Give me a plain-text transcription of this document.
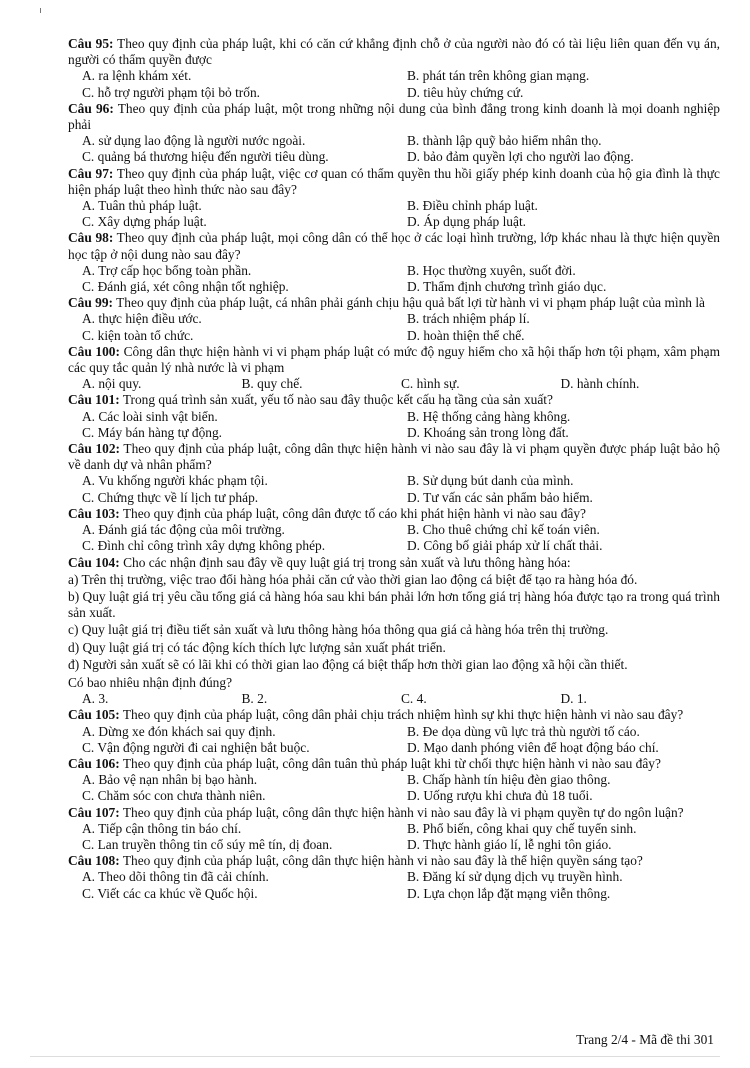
Câu 95: Theo quy định của pháp luật, khi có căn cứ khẳng định chỗ ở của người nào đó có tài liệu liên quan đến vụ án, người có thẩm quyền được

A. ra lệnh khám xét.	B. phát tán trên không gian mạng.
C. hỗ trợ người phạm tội bỏ trốn.	D. tiêu hủy chứng cứ.

Câu 96: Theo quy định của pháp luật, một trong những nội dung của bình đẳng trong kinh doanh là mọi doanh nghiệp phải

A. sử dụng lao động là người nước ngoài.	B. thành lập quỹ bảo hiểm nhân thọ.
C. quảng bá thương hiệu đến người tiêu dùng.	D. bảo đảm quyền lợi cho người lao động.

Câu 97: Theo quy định của pháp luật, việc cơ quan có thẩm quyền thu hồi giấy phép kinh doanh của hộ gia đình là thực hiện pháp luật theo hình thức nào sau đây?

A. Tuân thủ pháp luật.	B. Điều chỉnh pháp luật.
C. Xây dựng pháp luật.	D. Áp dụng pháp luật.

Câu 98: Theo quy định của pháp luật, mọi công dân có thể học ở các loại hình trường, lớp khác nhau là thực hiện quyền học tập ở nội dung nào sau đây?

A. Trợ cấp học bổng toàn phần.	B. Học thường xuyên, suốt đời.
C. Đánh giá, xét công nhận tốt nghiệp.	D. Thẩm định chương trình giáo dục.

Câu 99: Theo quy định của pháp luật, cá nhân phải gánh chịu hậu quả bất lợi từ hành vi vi phạm pháp luật của mình là

A. thực hiện điều ước.	B. trách nhiệm pháp lí.
C. kiện toàn tổ chức.	D. hoàn thiện thể chế.

Câu 100: Công dân thực hiện hành vi vi phạm pháp luật có mức độ nguy hiểm cho xã hội thấp hơn tội phạm, xâm phạm các quy tắc quản lý nhà nước là vi phạm

A. nội quy.	B. quy chế.	C. hình sự.	D. hành chính.

Câu 101: Trong quá trình sản xuất, yếu tố nào sau đây thuộc kết cấu hạ tầng của sản xuất?

A. Các loài sinh vật biển.	B. Hệ thống cảng hàng không.
C. Máy bán hàng tự động.	D. Khoáng sản trong lòng đất.

Câu 102: Theo quy định của pháp luật, công dân thực hiện hành vi nào sau đây là vi phạm quyền được pháp luật bảo hộ về danh dự và nhân phẩm?

A. Vu khống người khác phạm tội.	B. Sử dụng bút danh của mình.
C. Chứng thực về lí lịch tư pháp.	D. Tư vấn các sản phẩm bảo hiểm.

Câu 103: Theo quy định của pháp luật, công dân được tố cáo khi phát hiện hành vi nào sau đây?

A. Đánh giá tác động của môi trường.	B. Cho thuê chứng chỉ kế toán viên.
C. Đình chỉ công trình xây dựng không phép.	D. Công bố giải pháp xử lí chất thải.

Câu 104: Cho các nhận định sau đây về quy luật giá trị trong sản xuất và lưu thông hàng hóa:

a) Trên thị trường, việc trao đổi hàng hóa phải căn cứ vào thời gian lao động cá biệt để tạo ra hàng hóa đó.

b) Quy luật giá trị yêu cầu tổng giá cả hàng hóa sau khi bán phải lớn hơn tổng giá trị hàng hóa được tạo ra trong quá trình sản xuất.

c) Quy luật giá trị điều tiết sản xuất và lưu thông hàng hóa thông qua giá cả hàng hóa trên thị trường.

d) Quy luật giá trị có tác động kích thích lực lượng sản xuất phát triển.

đ) Người sản xuất sẽ có lãi khi có thời gian lao động cá biệt thấp hơn thời gian lao động xã hội cần thiết.

Có bao nhiêu nhận định đúng?

A. 3.	B. 2.	C. 4.	D. 1.

Câu 105: Theo quy định của pháp luật, công dân phải chịu trách nhiệm hình sự khi thực hiện hành vi nào sau đây?

A. Dừng xe đón khách sai quy định.	B. Đe dọa dùng vũ lực trả thù người tố cáo.
C. Vận động người đi cai nghiện bắt buộc.	D. Mạo danh phóng viên để hoạt động báo chí.

Câu 106: Theo quy định của pháp luật, công dân tuân thủ pháp luật khi từ chối thực hiện hành vi nào sau đây?

A. Bảo vệ nạn nhân bị bạo hành.	B. Chấp hành tín hiệu đèn giao thông.
C. Chăm sóc con chưa thành niên.	D. Uống rượu khi chưa đủ 18 tuổi.

Câu 107: Theo quy định của pháp luật, công dân thực hiện hành vi nào sau đây là vi phạm quyền tự do ngôn luận?

A. Tiếp cận thông tin báo chí.	B. Phổ biến, công khai quy chế tuyển sinh.
C. Lan truyền thông tin cổ súy mê tín, dị đoan.	D. Thực hành giáo lí, lễ nghi tôn giáo.

Câu 108: Theo quy định của pháp luật, công dân thực hiện hành vi nào sau đây là thể hiện quyền sáng tạo?

A. Theo dõi thông tin đã cải chính.	B. Đăng kí sử dụng dịch vụ truyền hình.
C. Viết các ca khúc về Quốc hội.	D. Lựa chọn lắp đặt mạng viễn thông.
Trang 2/4 - Mã đề thi 301
